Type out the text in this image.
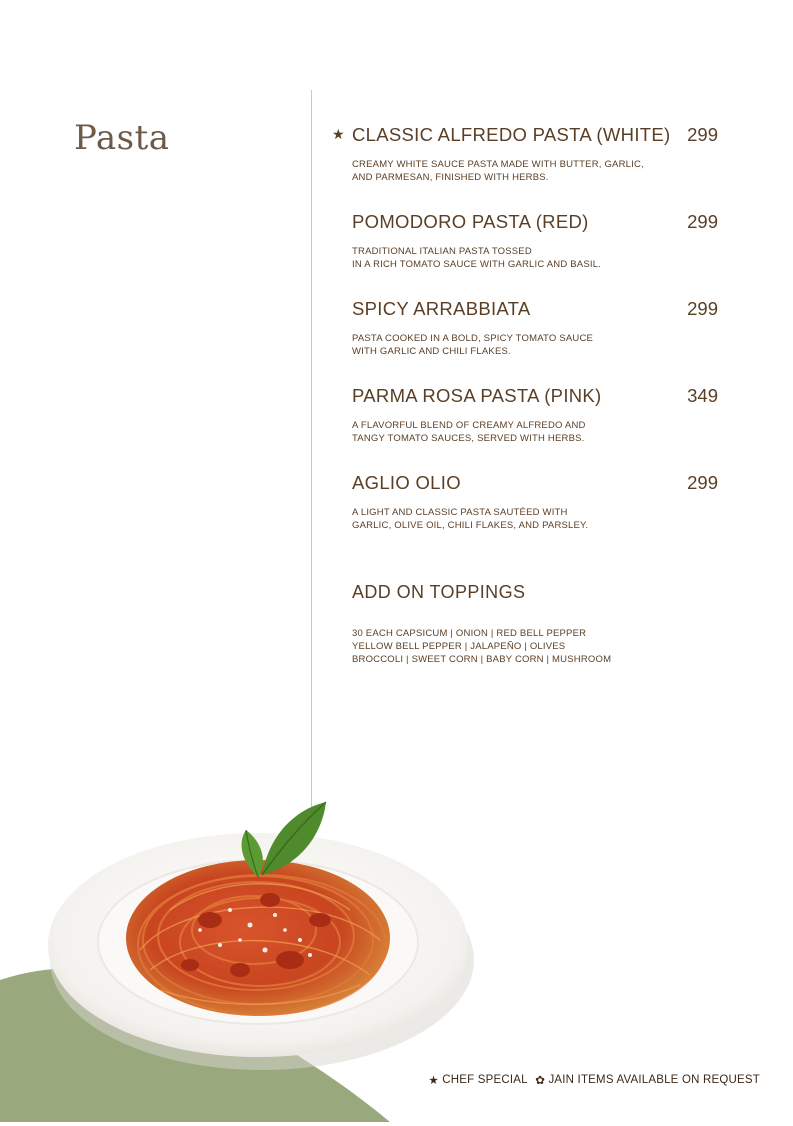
Pasta	★ CLASSIC ALFREDO PASTA (WHITE) 299
CREAMY WHITE SAUCE PASTA MADE WITH BUTTER, GARLIC,
AND PARMESAN, FINISHED WITH HERBS.
POMODORO PASTA (RED)	299
TRADITIONAL ITALIAN PASTA TOSSED
IN A RICH TOMATO SAUCE WITH GARLIC AND BASIL.
SPICY ARRABBIATA	299
PASTA COOKED IN A BOLD, SPICY TOMATO SAUCE
WITH GARLIC AND CHILI FLAKES.
PARMA ROSA PASTA (PINK)	349
A FLAVORFUL BLEND OF CREAMY ALFREDO AND
TANGY TOMATO SAUCES, SERVED WITH HERBS.
AGLIO OLIO	299
A LIGHT AND CLASSIC PASTA SAUTÉED WITH
GARLIC, OLIVE OIL, CHILI FLAKES, AND PARSLEY.
ADD ON TOPPINGS
30 EACH CAPSICUM | ONION | RED BELL PEPPER
YELLOW BELL PEPPER | JALAPEÑO | OLIVES
BROCCOLI | SWEET CORN | BABY CORN | MUSHROOM
★ CHEF SPECIAL ✿ JAIN ITEMS AVAILABLE ON REQUEST
